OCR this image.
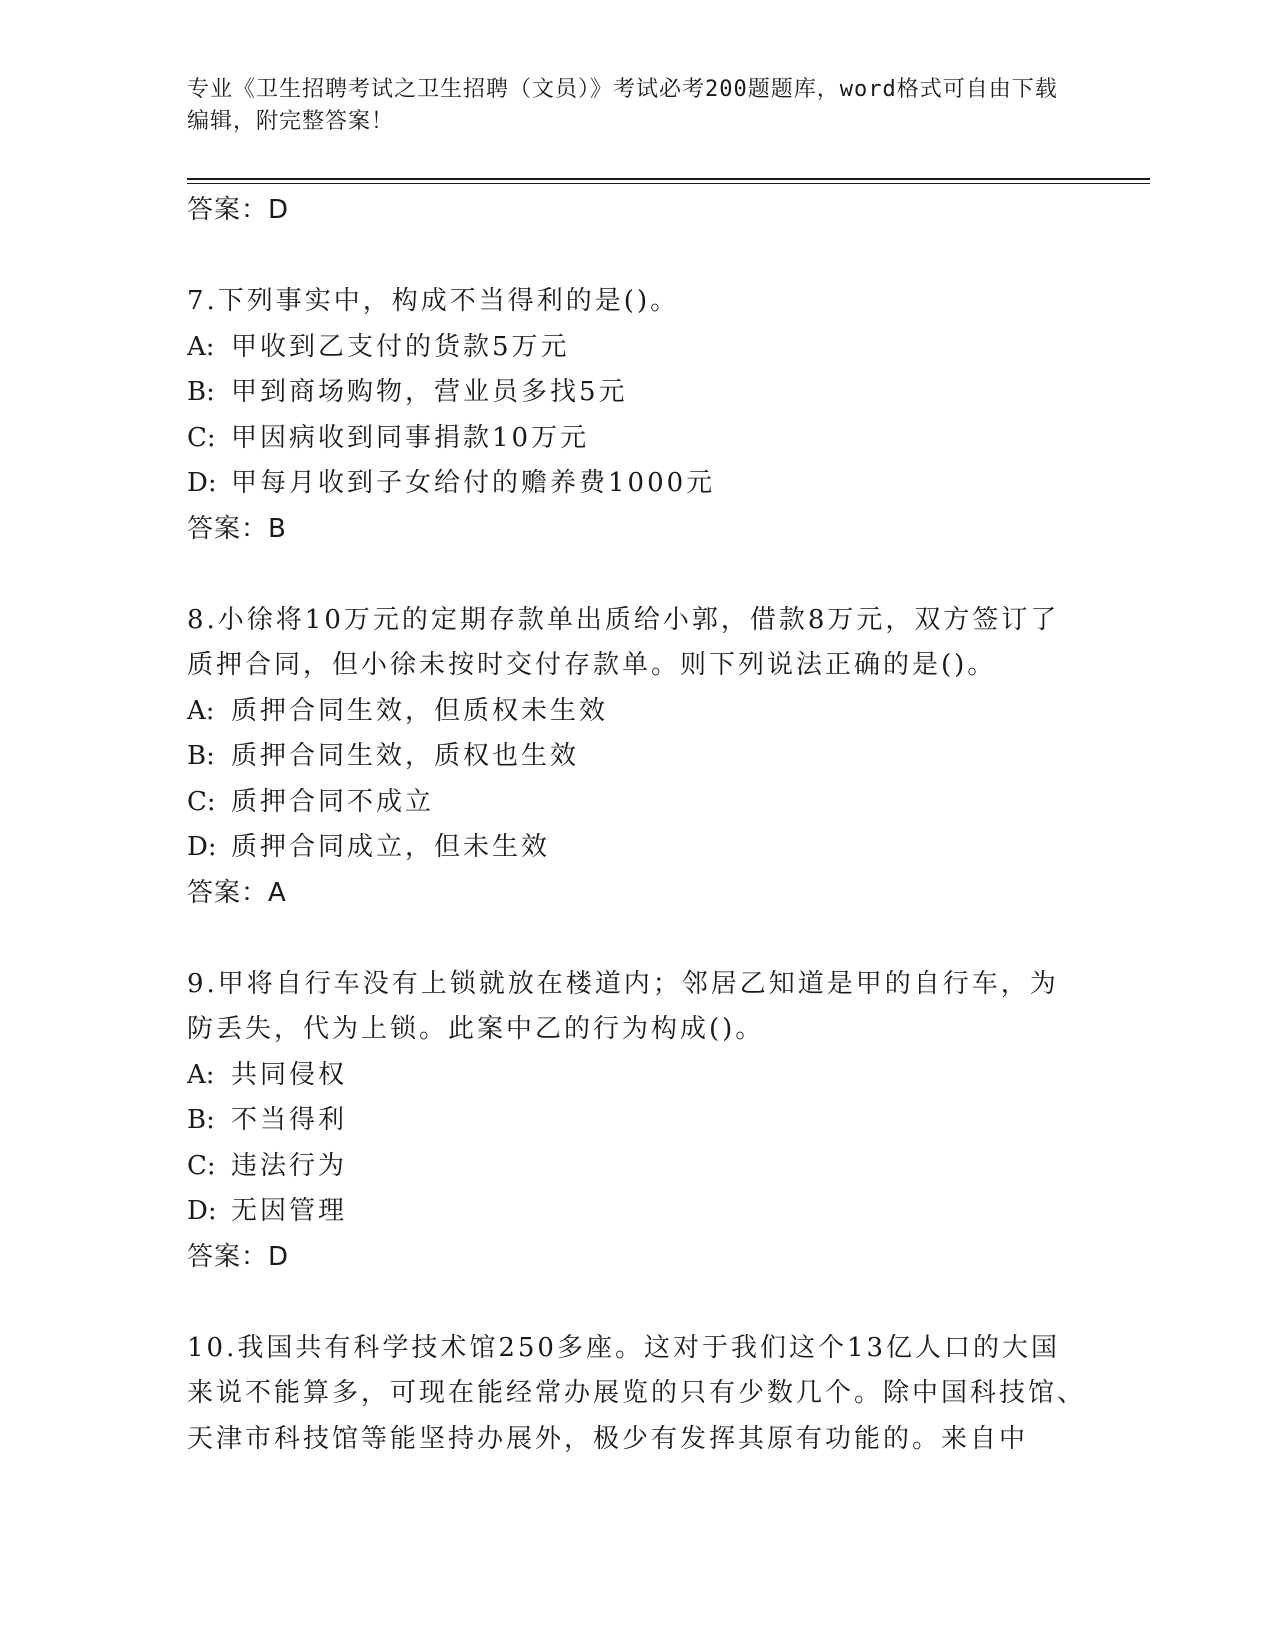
专业《卫生招聘考试之卫生招聘（文员）》考试必考200题题库，word格式可自由下载编辑，附完整答案！
答案：D

7.下列事实中，构成不当得利的是()。

A: 甲收到乙支付的货款5万元

B: 甲到商场购物，营业员多找5元

C: 甲因病收到同事捐款10万元

D: 甲每月收到子女给付的赡养费1000元

答案：B

8.小徐将10万元的定期存款单出质给小郭，借款8万元，双方签订了质押合同，但小徐未按时交付存款单。则下列说法正确的是()。

A: 质押合同生效，但质权未生效

B: 质押合同生效，质权也生效

C: 质押合同不成立

D: 质押合同成立，但未生效

答案：A

9.甲将自行车没有上锁就放在楼道内；邻居乙知道是甲的自行车，为防丢失，代为上锁。此案中乙的行为构成()。

A: 共同侵权

B: 不当得利

C: 违法行为

D: 无因管理

答案：D

10.我国共有科学技术馆250多座。这对于我们这个13亿人口的大国来说不能算多，可现在能经常办展览的只有少数几个。除中国科技馆、天津市科技馆等能坚持办展外，极少有发挥其原有功能的。来自中
